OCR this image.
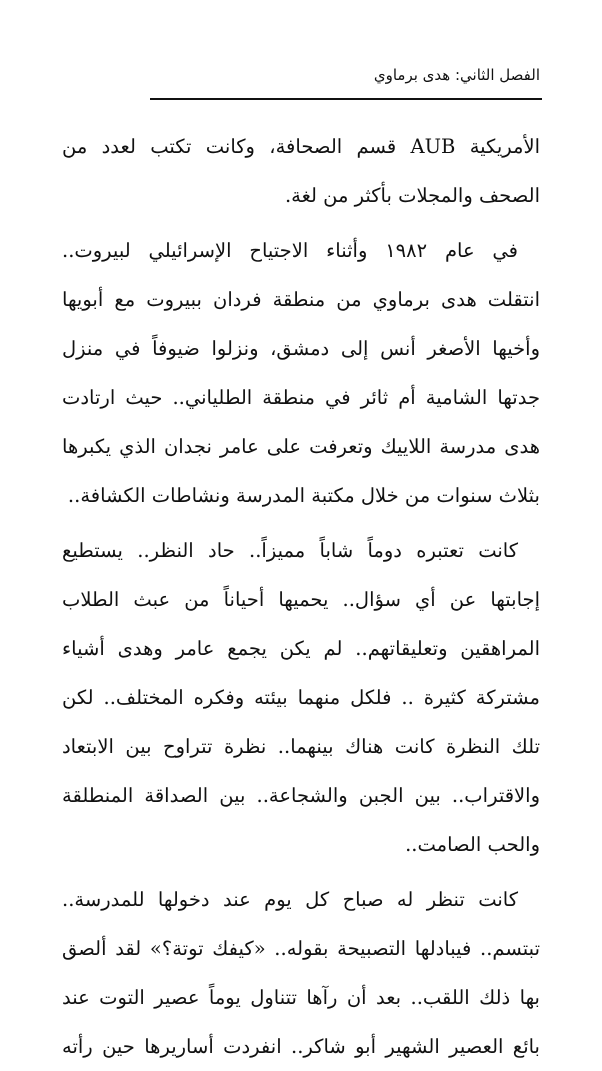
الفصل الثاني: هدى برماوي
الأمريكية AUB قسم الصحافة، وكانت تكتب لعدد من
الصحف والمجلات بأكثر من لغة.
في عام ١٩٨٢ وأثناء الاجتياح الإسرائيلي لبيروت..
انتقلت هدى برماوي من منطقة فردان ببيروت مع أبويها
وأخيها الأصغر أنس إلى دمشق، ونزلوا ضيوفاً في منزل
جدتها الشامية أم ثائر في منطقة الطلياني.. حيث ارتادت
هدى مدرسة اللاييك وتعرفت على عامر نجدان الذي يكبرها
بثلاث سنوات من خلال مكتبة المدرسة ونشاطات الكشافة..
كانت تعتبره دوماً شاباً مميزاً.. حاد النظر.. يستطيع
إجابتها عن أي سؤال.. يحميها أحياناً من عبث الطلاب
المراهقين وتعليقاتهم.. لم يكن يجمع عامر وهدى أشياء
مشتركة كثيرة .. فلكل منهما بيئته وفكره المختلف.. لكن
تلك النظرة كانت هناك بينهما.. نظرة تتراوح بين الابتعاد
والاقتراب.. بين الجبن والشجاعة.. بين الصداقة المنطلقة
والحب الصامت..
كانت تنظر له صباح كل يوم عند دخولها للمدرسة..
تبتسم.. فيبادلها التصبيحة بقوله.. «كيفك توتة؟» لقد ألصق
بها ذلك اللقب.. بعد أن رآها تتناول يوماً عصير التوت عند
بائع العصير الشهير أبو شاكر.. انفردت أساريرها حين رأته
